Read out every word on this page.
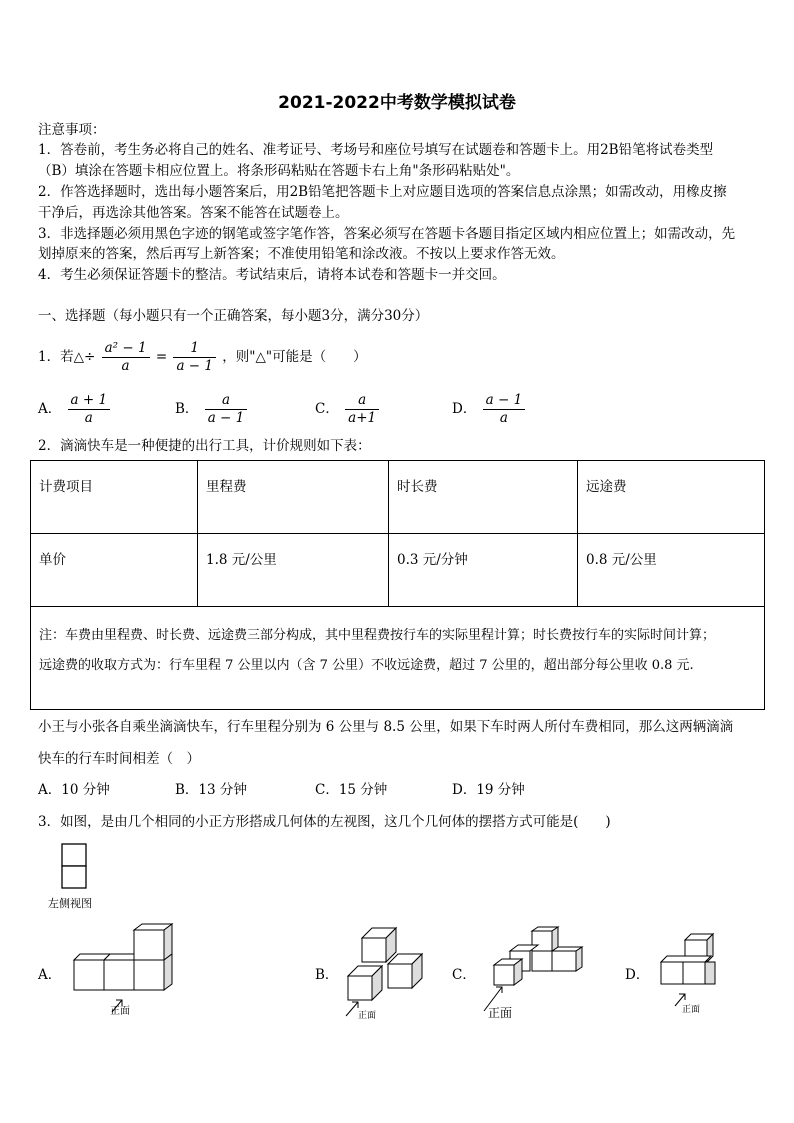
2021-2022中考数学模拟试卷
注意事项：
1．答卷前，考生务必将自己的姓名、准考证号、考场号和座位号填写在试题卷和答题卡上。用2B铅笔将试卷类型
（B）填涂在答题卡相应位置上。将条形码粘贴在答题卡右上角"条形码粘贴处"。
2．作答选择题时，选出每小题答案后，用2B铅笔把答题卡上对应题目选项的答案信息点涂黑；如需改动，用橡皮擦
干净后，再选涂其他答案。答案不能答在试题卷上。
3．非选择题必须用黑色字迹的钢笔或签字笔作答，答案必须写在答题卡各题目指定区域内相应位置上；如需改动，先
划掉原来的答案，然后再写上新答案；不准使用铅笔和涂改液。不按以上要求作答无效。
4．考生必须保证答题卡的整洁。考试结束后，请将本试卷和答题卡一并交回。
一、选择题（每小题只有一个正确答案，每小题3分，满分30分）
1．若△÷ $\frac{\text{a² − 1}}{a} = \frac{1}{a - 1}$ ，则"△"可能是（　　）
A． $\frac{a + 1}{a}$	B． $\frac{a}{a - 1}$	C． $\frac{a}{a+1}$	D． $\frac{a - 1}{a}$
2．滴滴快车是一种便捷的出行工具，计价规则如下表：
计费项目	里程费	时长费	远途费
单价	1.8 元/公里	0.3 元/分钟	0.8 元/公里

注：车费由里程费、时长费、远途费三部分构成，其中里程费按行车的实际里程计算；时长费按行车的实际时间计算；
远途费的收取方式为：行车里程 7 公里以内（含 7 公里）不收远途费，超过 7 公里的，超出部分每公里收 0.8 元.			
小王与小张各自乘坐滴滴快车，行车里程分别为 6 公里与 8.5 公里，如果下车时两人所付车费相同，那么这两辆滴滴
快车的行车时间相差（　）
A．10 分钟	B．13 分钟	C．15 分钟	D．19 分钟
3．如图，是由几个相同的小正方形搭成几何体的左视图，这几个几何体的摆搭方式可能是(　　)
左侧视图
A．
正面
B．
正面
C．
正面
D．
正面
